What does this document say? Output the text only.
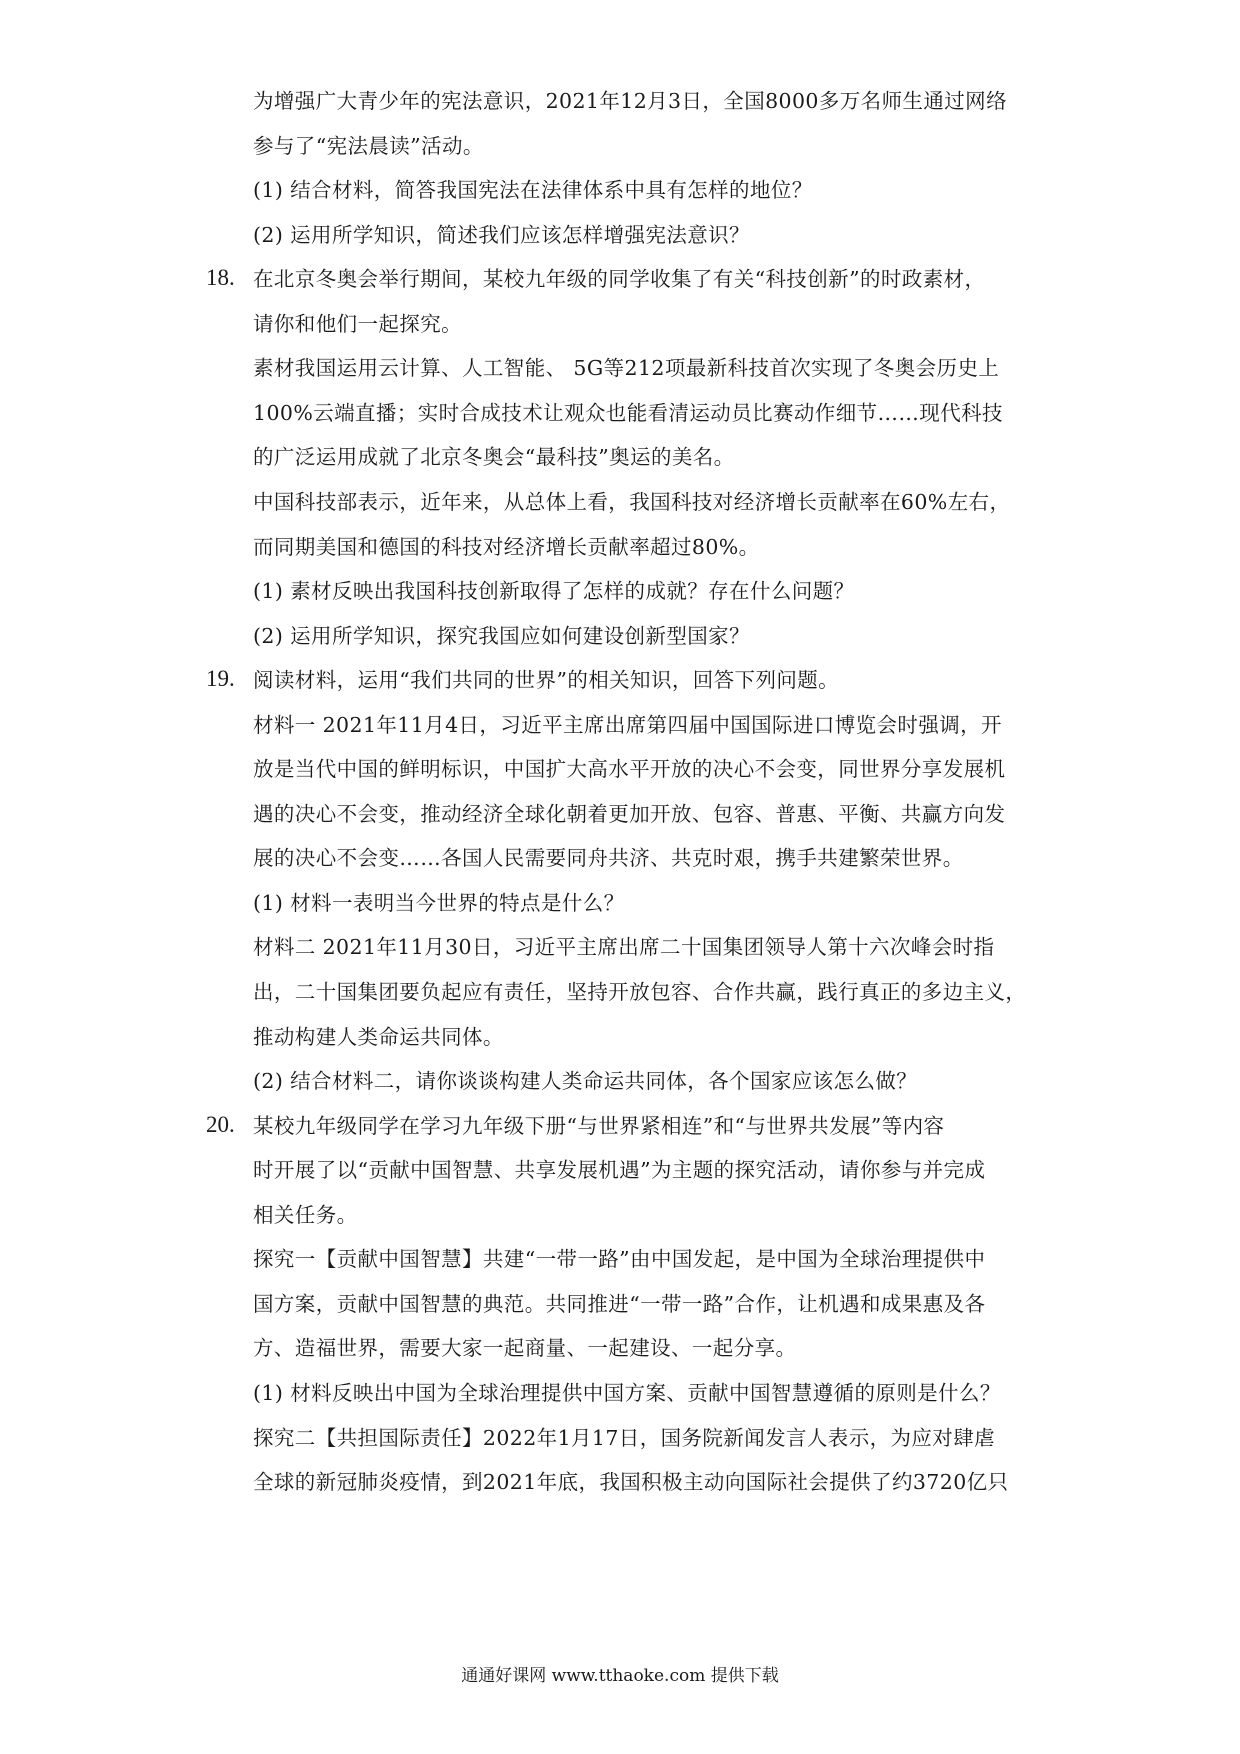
为增强广大青少年的宪法意识，2021年12月3日，全国8000多万名师生通过网络
参与了“宪法晨读”活动。
(1) 结合材料，简答我国宪法在法律体系中具有怎样的地位？
(2) 运用所学知识，简述我们应该怎样增强宪法意识？
18. 在北京冬奥会举行期间，某校九年级的同学收集了有关“科技创新”的时政素材，
请你和他们一起探究。
素材我国运用云计算、人工智能、 5G等212项最新科技首次实现了冬奥会历史上
100%云端直播；实时合成技术让观众也能看清运动员比赛动作细节……现代科技
的广泛运用成就了北京冬奥会“最科技”奥运的美名。
中国科技部表示，近年来，从总体上看，我国科技对经济增长贡献率在60%左右，
而同期美国和德国的科技对经济增长贡献率超过80%。
(1) 素材反映出我国科技创新取得了怎样的成就？存在什么问题？
(2) 运用所学知识，探究我国应如何建设创新型国家？
19. 阅读材料，运用“我们共同的世界”的相关知识，回答下列问题。
材料一 2021年11月4日，习近平主席出席第四届中国国际进口博览会时强调，开
放是当代中国的鲜明标识，中国扩大高水平开放的决心不会变，同世界分享发展机
遇的决心不会变，推动经济全球化朝着更加开放、包容、普惠、平衡、共赢方向发
展的决心不会变……各国人民需要同舟共济、共克时艰，携手共建繁荣世界。
(1) 材料一表明当今世界的特点是什么？
材料二 2021年11月30日，习近平主席出席二十国集团领导人第十六次峰会时指
出，二十国集团要负起应有责任，坚持开放包容、合作共赢，践行真正的多边主义，
推动构建人类命运共同体。
(2) 结合材料二，请你谈谈构建人类命运共同体，各个国家应该怎么做？
20. 某校九年级同学在学习九年级下册“与世界紧相连”和“与世界共发展”等内容
时开展了以“贡献中国智慧、共享发展机遇”为主题的探究活动，请你参与并完成
相关任务。
探究一【贡献中国智慧】共建“一带一路”由中国发起，是中国为全球治理提供中
国方案，贡献中国智慧的典范。共同推进“一带一路”合作，让机遇和成果惠及各
方、造福世界，需要大家一起商量、一起建设、一起分享。
(1) 材料反映出中国为全球治理提供中国方案、贡献中国智慧遵循的原则是什么？
探究二【共担国际责任】2022年1月17日，国务院新闻发言人表示，为应对肆虐
全球的新冠肺炎疫情，到2021年底，我国积极主动向国际社会提供了约3720亿只
通通好课网 www.tthaoke.com 提供下载
